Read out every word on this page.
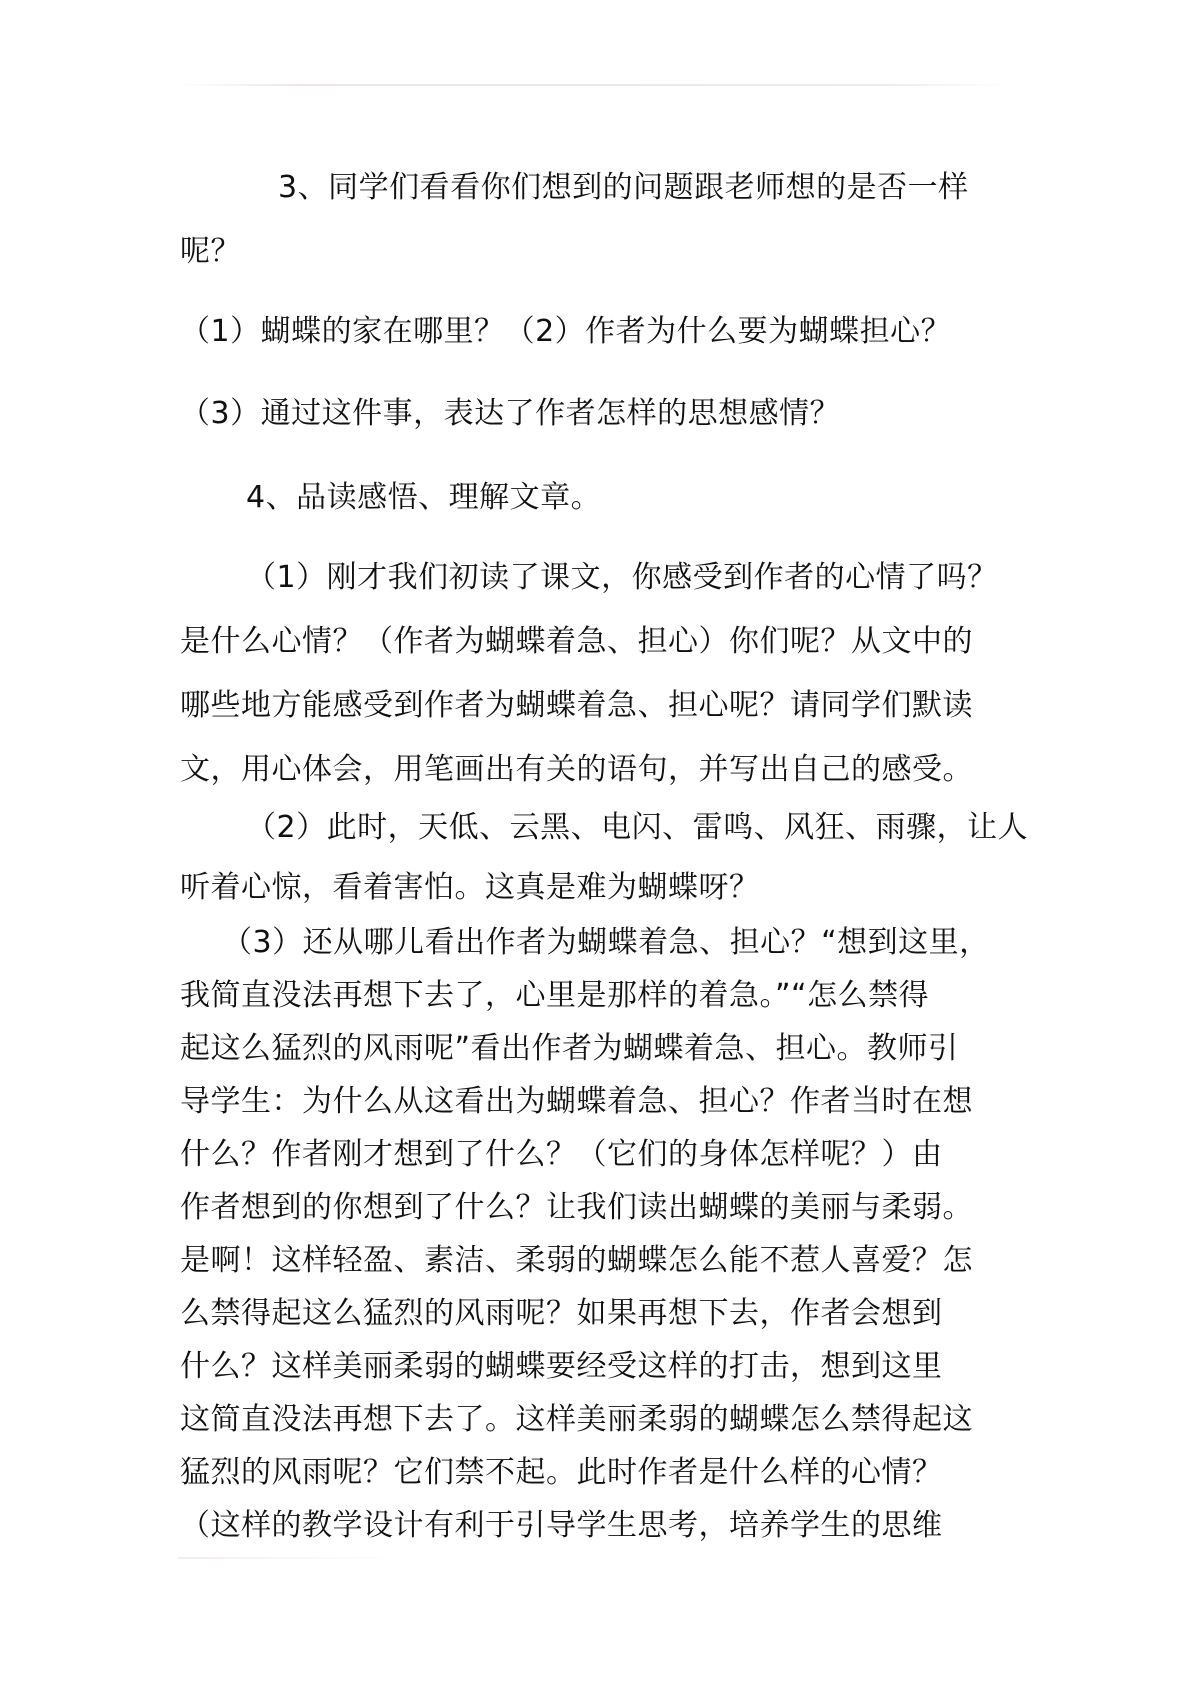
3、同学们看看你们想到的问题跟老师想的是否一样

呢？

（1）蝴蝶的家在哪里？（2）作者为什么要为蝴蝶担心？

（3）通过这件事，表达了作者怎样的思想感情？

4、品读感悟、理解文章。

（1）刚才我们初读了课文，你感受到作者的心情了吗？

是什么心情？（作者为蝴蝶着急、担心）你们呢？从文中的

哪些地方能感受到作者为蝴蝶着急、担心呢？请同学们默读

文，用心体会，用笔画出有关的语句，并写出自己的感受。

（2）此时，天低、云黑、电闪、雷鸣、风狂、雨骤，让人

听着心惊，看着害怕。这真是难为蝴蝶呀？

（3）还从哪儿看出作者为蝴蝶着急、担心？“想到这里，

我简直没法再想下去了，心里是那样的着急。”“怎么禁得

起这么猛烈的风雨呢”看出作者为蝴蝶着急、担心。教师引

导学生：为什么从这看出为蝴蝶着急、担心？作者当时在想

什么？作者刚才想到了什么？（它们的身体怎样呢？）由

作者想到的你想到了什么？让我们读出蝴蝶的美丽与柔弱。

是啊！这样轻盈、素洁、柔弱的蝴蝶怎么能不惹人喜爱？怎

么禁得起这么猛烈的风雨呢？如果再想下去，作者会想到

什么？这样美丽柔弱的蝴蝶要经受这样的打击，想到这里

这简直没法再想下去了。这样美丽柔弱的蝴蝶怎么禁得起这

猛烈的风雨呢？它们禁不起。此时作者是什么样的心情？

（这样的教学设计有利于引导学生思考，培养学生的思维
